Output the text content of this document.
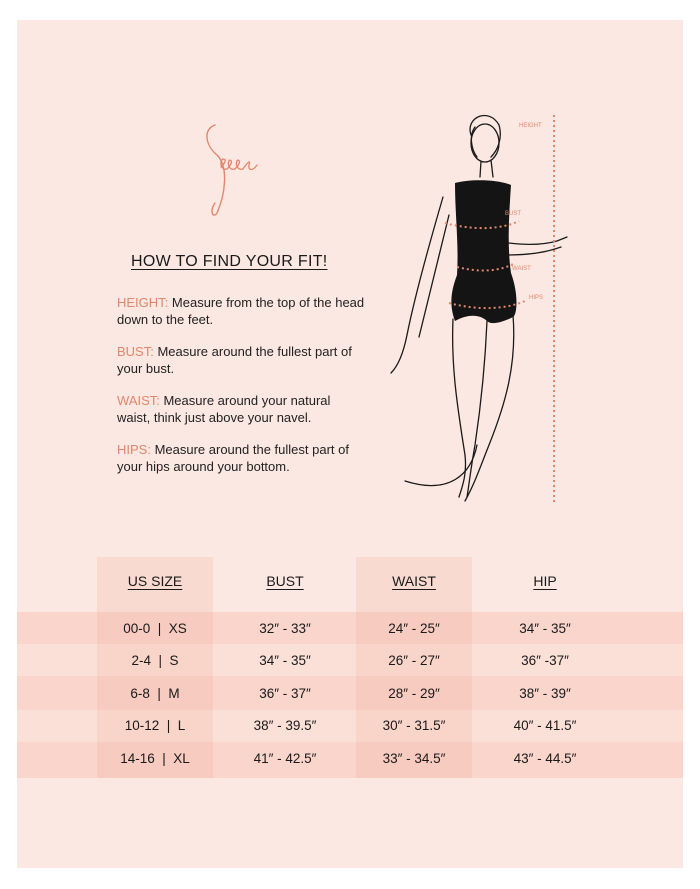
HOW TO FIND YOUR FIT!
HEIGHT: Measure from the top of the head down to the feet.
BUST: Measure around the fullest part of your bust.
WAIST: Measure around your natural waist, think just above your navel.
HIPS: Measure around the fullest part of your hips around your bottom.
HEIGHT
BUST
WAIST
HIPS
US SIZE	BUST	WAIST	HIP
00-0  |  XS	32″ - 33″	24″ - 25″	34″ - 35″
2-4  |  S	34″ - 35″	26″ - 27″	36″ -37″
6-8  |  M	36″ - 37″	28″ - 29″	38″ - 39″
10-12  |  L	38″ - 39.5″	30″ - 31.5″	40″ - 41.5″
14-16  |  XL	41″ - 42.5″	33″ - 34.5″	43″ - 44.5″
